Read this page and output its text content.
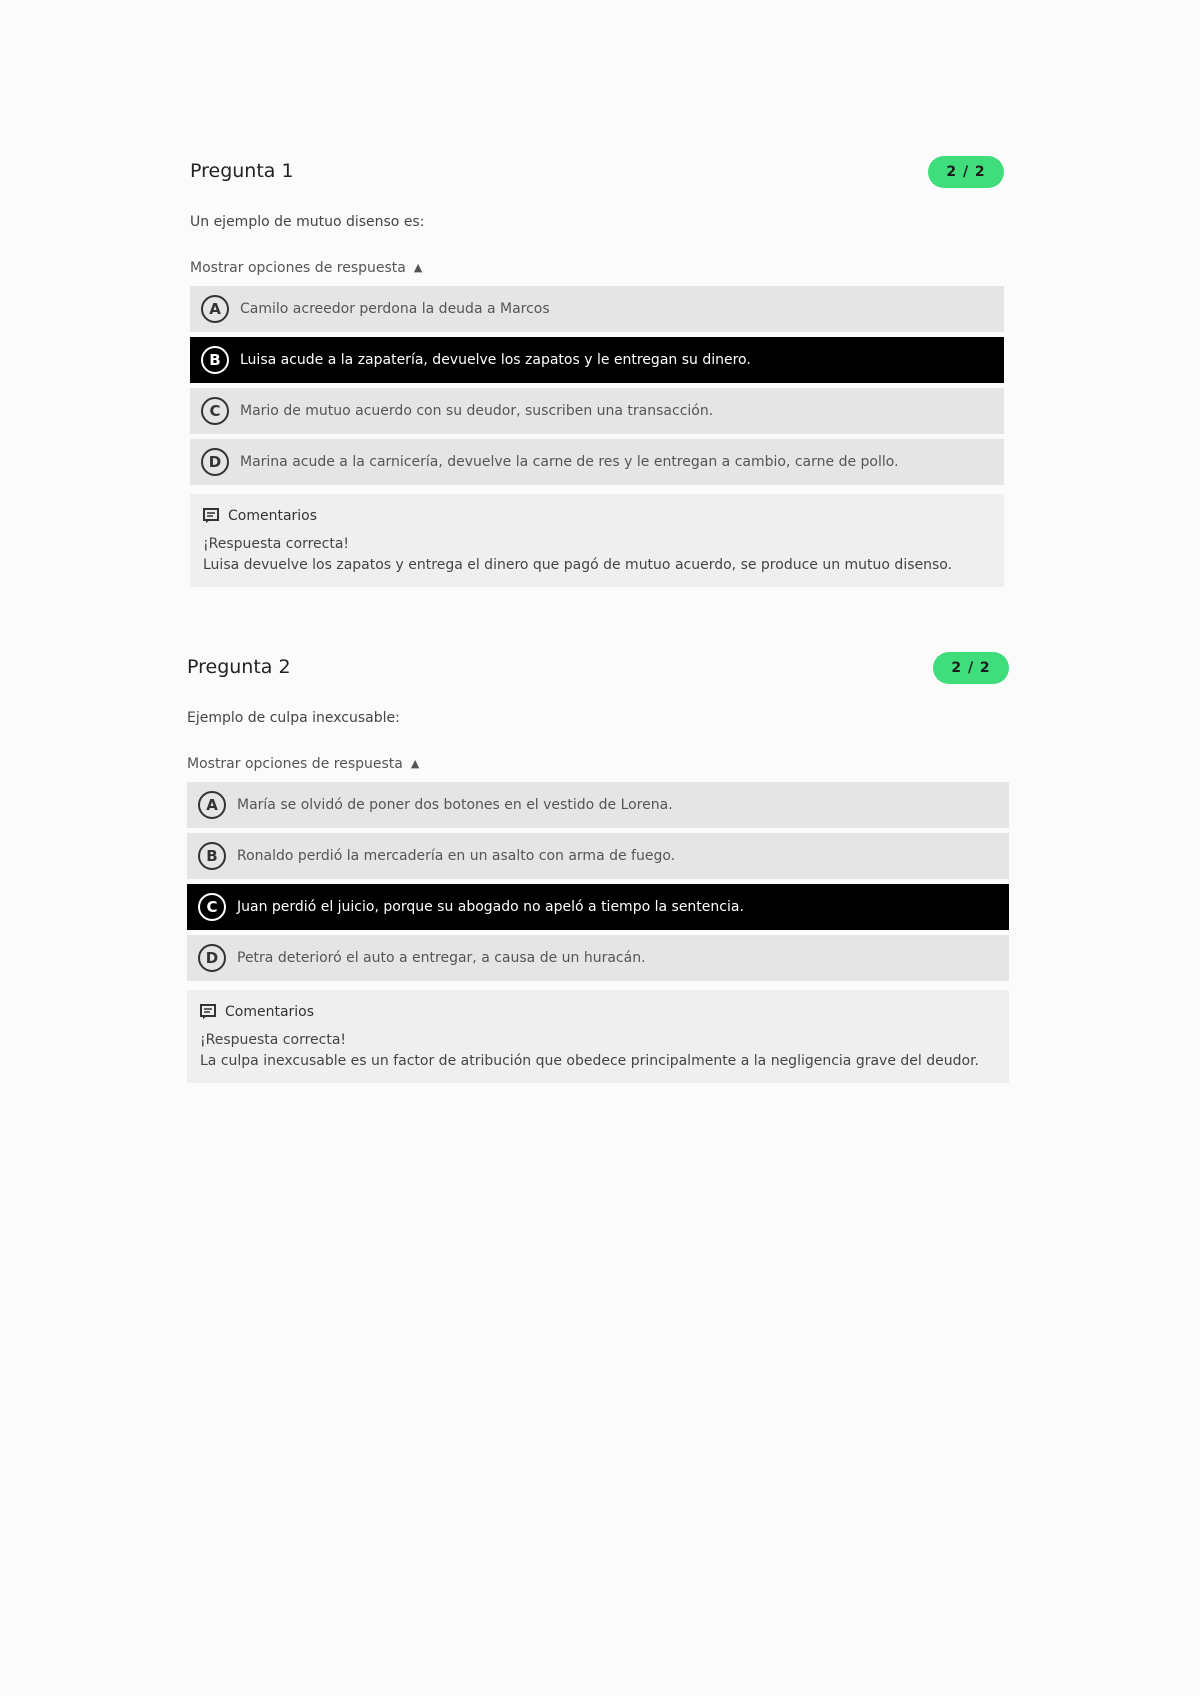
Pregunta 1	2 / 2
Un ejemplo de mutuo disenso es:
Mostrar opciones de respuesta ▲
A	Camilo acreedor perdona la deuda a Marcos
B	Luisa acude a la zapatería, devuelve los zapatos y le entregan su dinero.
C	Mario de mutuo acuerdo con su deudor, suscriben una transacción.
D	Marina acude a la carnicería, devuelve la carne de res y le entregan a cambio, carne de pollo.
Comentarios
¡Respuesta correcta!
Luisa devuelve los zapatos y entrega el dinero que pagó de mutuo acuerdo, se produce un mutuo disenso.
Pregunta 2	2 / 2
Ejemplo de culpa inexcusable:
Mostrar opciones de respuesta ▲
A	María se olvidó de poner dos botones en el vestido de Lorena.
B	Ronaldo perdió la mercadería en un asalto con arma de fuego.
C	Juan perdió el juicio, porque su abogado no apeló a tiempo la sentencia.
D	Petra deterioró el auto a entregar, a causa de un huracán.
Comentarios
¡Respuesta correcta!
La culpa inexcusable es un factor de atribución que obedece principalmente a la negligencia grave del deudor.
